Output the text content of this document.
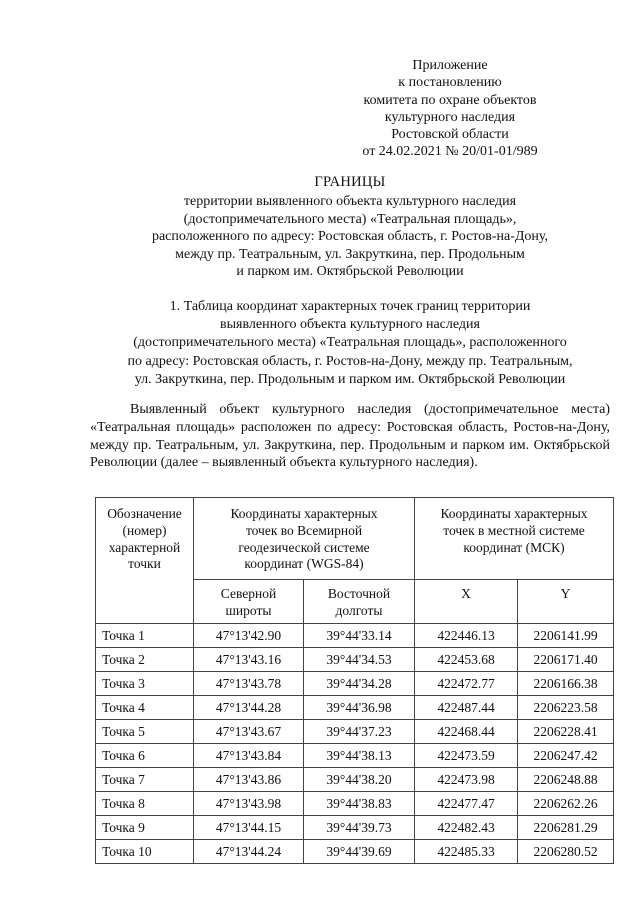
Приложение
к постановлению
комитета по охране объектов
культурного наследия
Ростовской области
от 24.02.2021 № 20/01-01/989
ГРАНИЦЫ
территории выявленного объекта культурного наследия
(достопримечательного места) «Театральная площадь»,
расположенного по адресу: Ростовская область, г. Ростов-на-Дону,
между пр. Театральным, ул. Закруткина, пер. Продольным
и парком им. Октябрьской Революции
1. Таблица координат характерных точек границ территории
выявленного объекта культурного наследия
(достопримечательного места) «Театральная площадь», расположенного
по адресу: Ростовская область, г. Ростов-на-Дону, между пр. Театральным,
ул. Закруткина, пер. Продольным и парком им. Октябрьской Революции
Выявленный объект культурного наследия (достопримечательное места) «Театральная площадь» расположен по адресу: Ростовская область, Ростов-на-Дону, между пр. Театральным, ул. Закруткина, пер. Продольным и парком им. Октябрьской Революции (далее – выявленный объекта культурного наследия).
Обозначение
(номер)
характерной
точки	Координаты характерных
точек во Всемирной
геодезической системе
координат (WGS-84)		Координаты характерных
точек в местной системе
координат (МСК)	

	Северной
широты	Восточной
долготы	X	Y
Точка 1	47°13'42.90	39°44'33.14	422446.13	2206141.99
Точка 2	47°13'43.16	39°44'34.53	422453.68	2206171.40
Точка 3	47°13'43.78	39°44'34.28	422472.77	2206166.38
Точка 4	47°13'44.28	39°44'36.98	422487.44	2206223.58
Точка 5	47°13'43.67	39°44'37.23	422468.44	2206228.41
Точка 6	47°13'43.84	39°44'38.13	422473.59	2206247.42
Точка 7	47°13'43.86	39°44'38.20	422473.98	2206248.88
Точка 8	47°13'43.98	39°44'38.83	422477.47	2206262.26
Точка 9	47°13'44.15	39°44'39.73	422482.43	2206281.29
Точка 10	47°13'44.24	39°44'39.69	422485.33	2206280.52
